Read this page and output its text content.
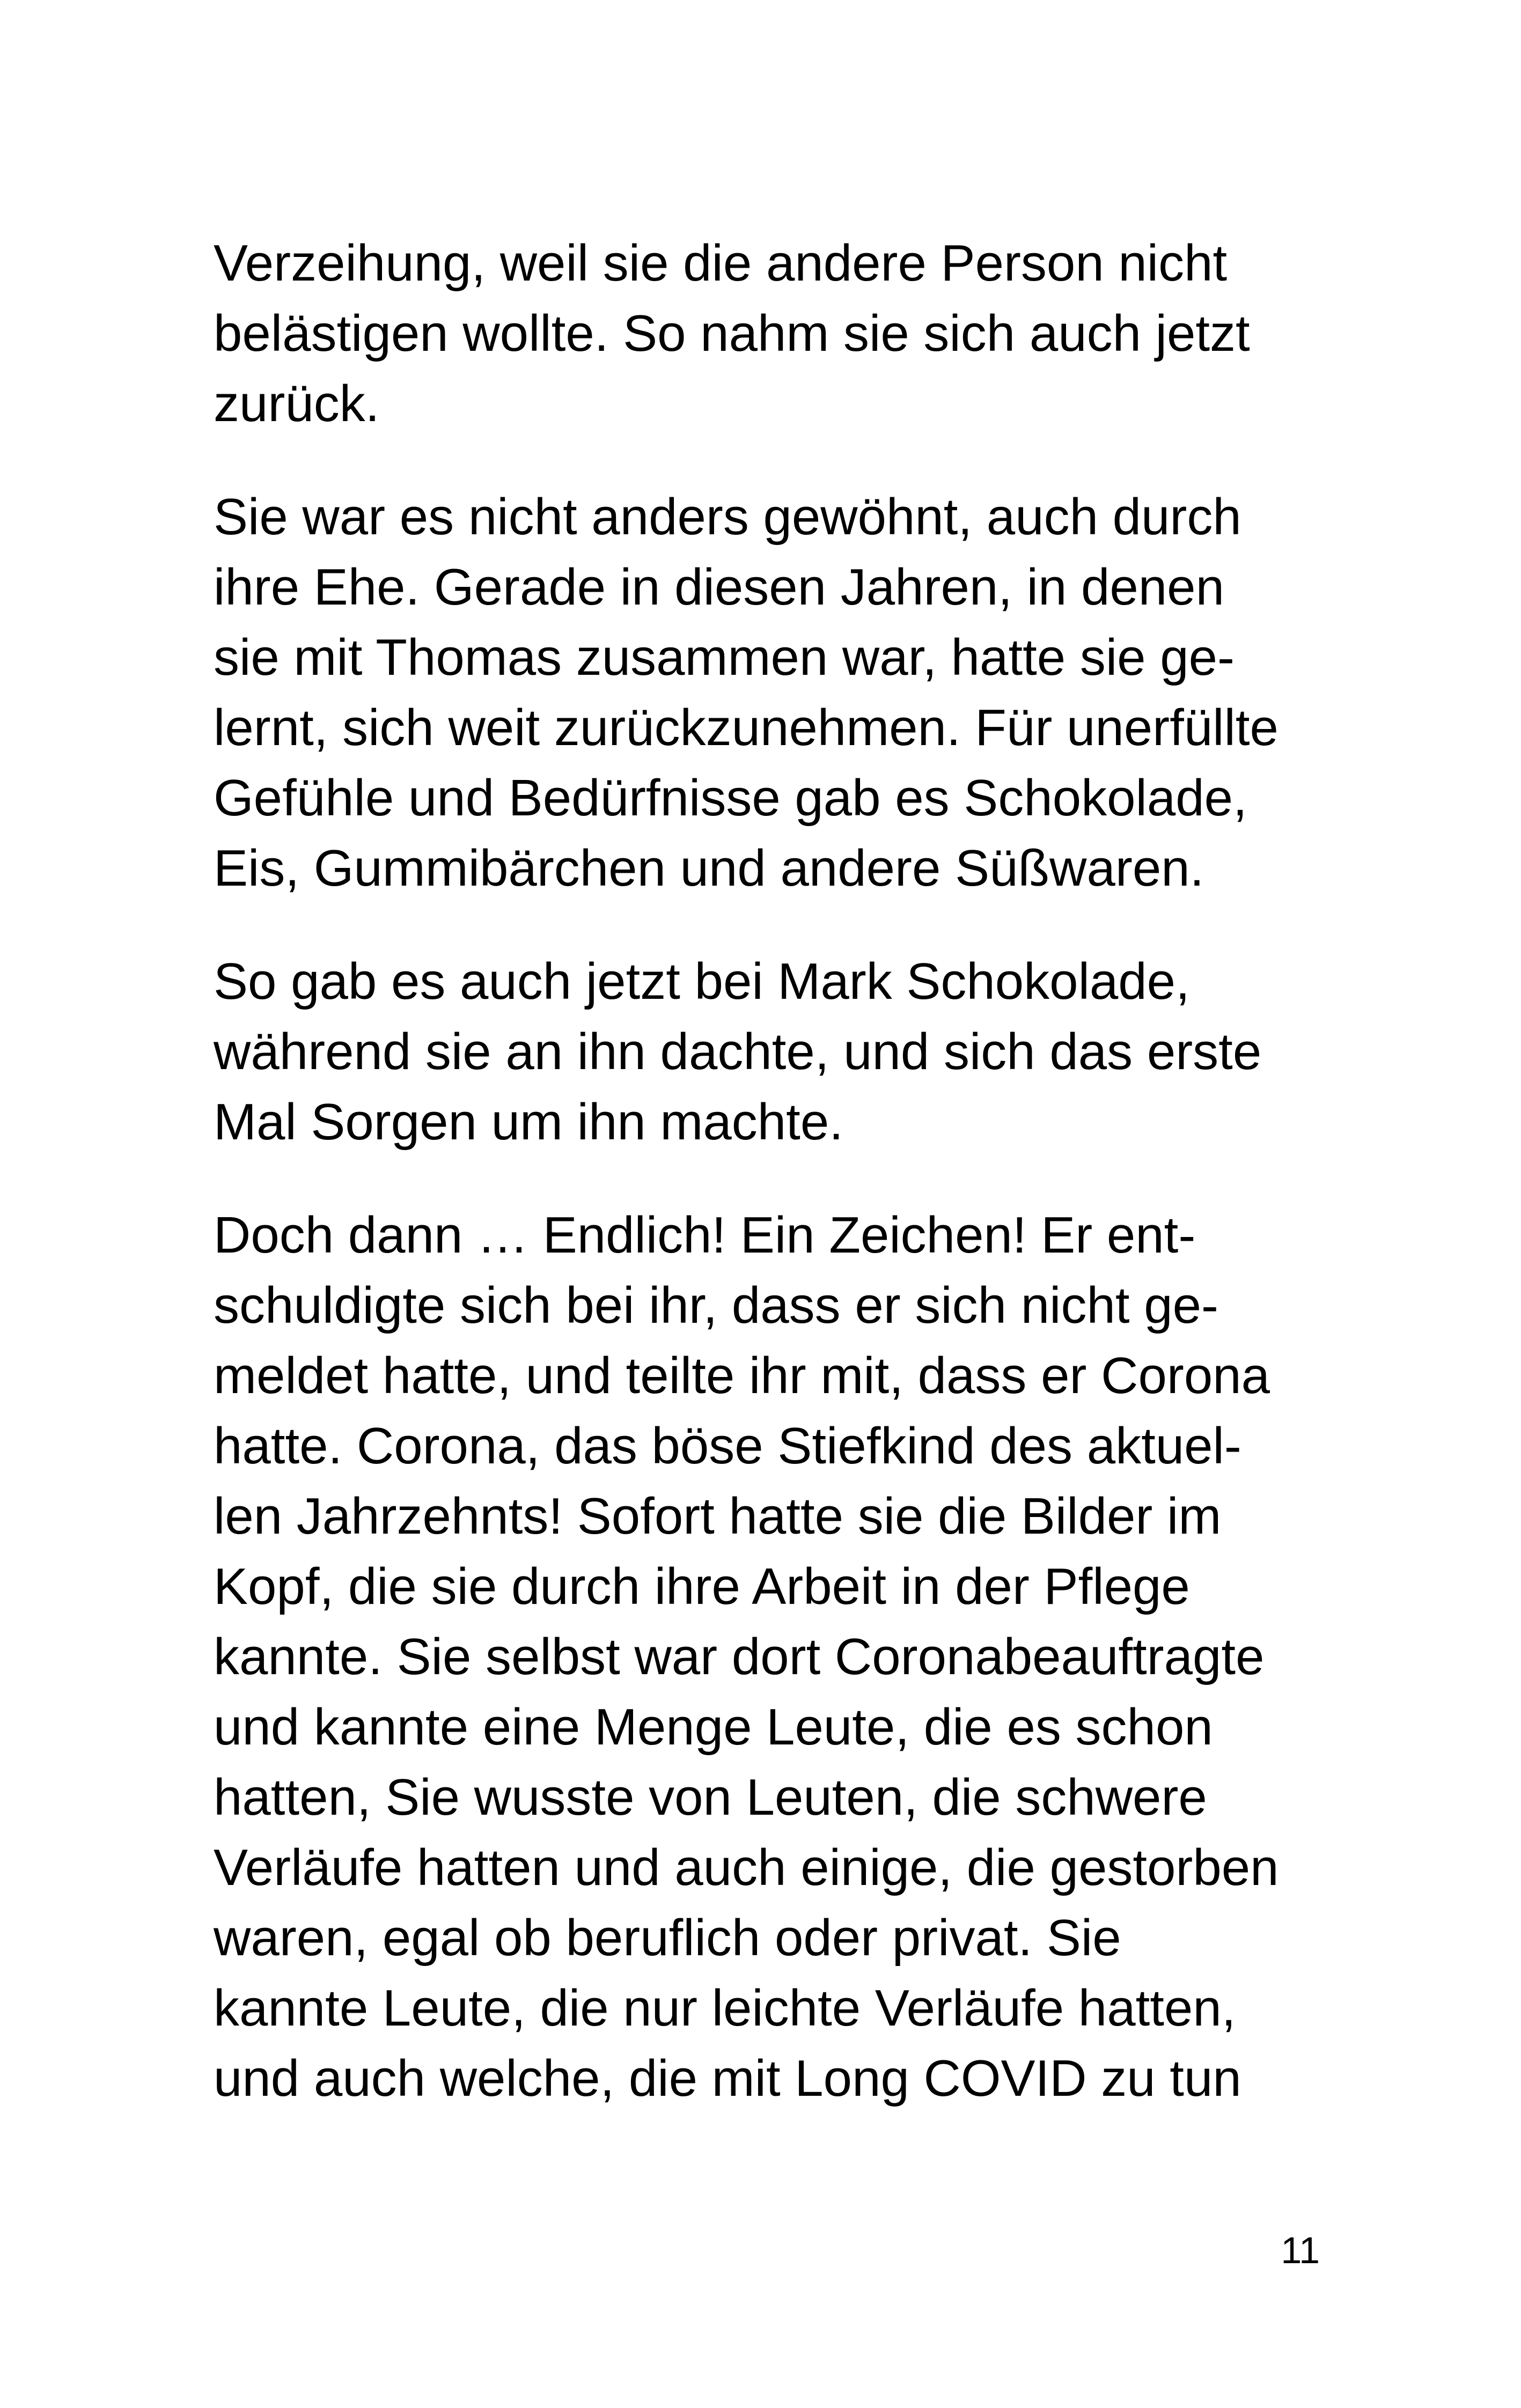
Verzeihung, weil sie die andere Person nicht
belästigen wollte. So nahm sie sich auch jetzt
zurück.

Sie war es nicht anders gewöhnt, auch durch
ihre Ehe. Gerade in diesen Jahren, in denen
sie mit Thomas zusammen war, hatte sie ge-
lernt, sich weit zurückzunehmen. Für unerfüllte
Gefühle und Bedürfnisse gab es Schokolade,
Eis, Gummibärchen und andere Süßwaren.

So gab es auch jetzt bei Mark Schokolade,
während sie an ihn dachte, und sich das erste
Mal Sorgen um ihn machte.

Doch dann … Endlich! Ein Zeichen! Er ent-
schuldigte sich bei ihr, dass er sich nicht ge-
meldet hatte, und teilte ihr mit, dass er Corona
hatte. Corona, das böse Stiefkind des aktuel-
len Jahrzehnts! Sofort hatte sie die Bilder im
Kopf, die sie durch ihre Arbeit in der Pflege
kannte. Sie selbst war dort Coronabeauftragte
und kannte eine Menge Leute, die es schon
hatten, Sie wusste von Leuten, die schwere
Verläufe hatten und auch einige, die gestorben
waren, egal ob beruflich oder privat. Sie
kannte Leute, die nur leichte Verläufe hatten,
und auch welche, die mit Long COVID zu tun

11
